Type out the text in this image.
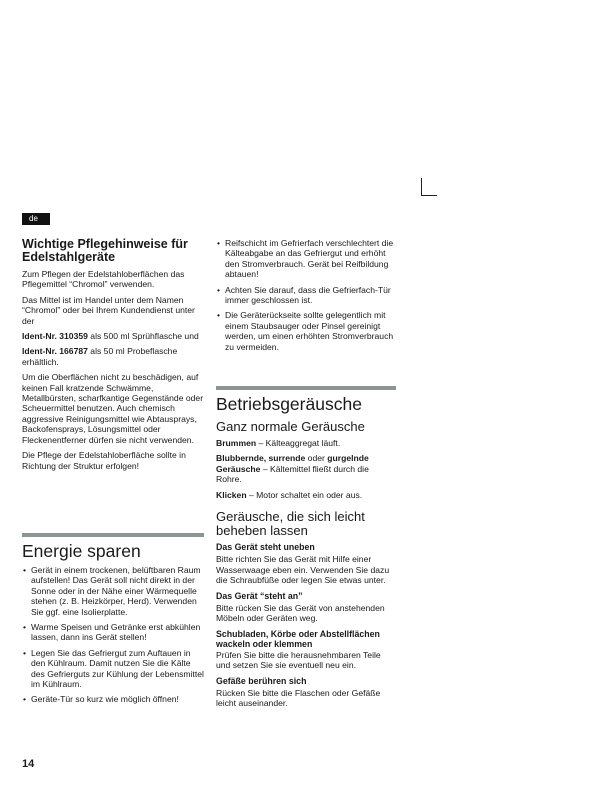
de
Wichtige Pflegehinweise für Edelstahlgeräte
Zum Pflegen der Edelstahloberflächen das Pflegemittel “Chromol” verwenden.
Das Mittel ist im Handel unter dem Namen “Chromol” oder bei Ihrem Kundendienst unter der
Ident-Nr. 310359 als 500 ml Sprühflasche und
Ident-Nr. 166787 als 50 ml Probeflasche erhältlich.
Um die Oberflächen nicht zu beschädigen, auf keinen Fall kratzende Schwämme, Metallbürsten, scharfkantige Gegenstände oder Scheuermittel benutzen. Auch chemisch aggressive Reinigungsmittel wie Abtausprays, Backofensprays, Lösungsmittel oder Fleckenentferner dürfen sie nicht verwenden.
Die Pflege der Edelstahloberfläche sollte in Richtung der Struktur erfolgen!
Energie sparen
• Gerät in einem trockenen, belüftbaren Raum aufstellen! Das Gerät soll nicht direkt in der Sonne oder in der Nähe einer Wärmequelle stehen (z. B. Heizkörper, Herd). Verwenden Sie ggf. eine Isolierplatte.
• Warme Speisen und Getränke erst abkühlen lassen, dann ins Gerät stellen!
• Legen Sie das Gefriergut zum Auftauen in den Kühlraum. Damit nutzen Sie die Kälte des Gefrierguts zur Kühlung der Lebensmittel im Kühlraum.
• Geräte-Tür so kurz wie möglich öffnen!
• Reifschicht im Gefrierfach verschlechtert die Kälteabgabe an das Gefriergut und erhöht den Stromverbrauch. Gerät bei Reifbildung abtauen!
• Achten Sie darauf, dass die Gefrierfach-Tür immer geschlossen ist.
• Die Geräterückseite sollte gelegentlich mit einem Staubsauger oder Pinsel gereinigt werden, um einen erhöhten Stromverbrauch zu vermeiden.
Betriebsgeräusche
Ganz normale Geräusche
Brummen – Kälteaggregat läuft.
Blubbernde, surrende oder gurgelnde Geräusche – Kältemittel fließt durch die Rohre.
Klicken – Motor schaltet ein oder aus.
Geräusche, die sich leicht beheben lassen
Das Gerät steht uneben
Bitte richten Sie das Gerät mit Hilfe einer Wasserwaage eben ein. Verwenden Sie dazu die Schraubfüße oder legen Sie etwas unter.
Das Gerät “steht an”
Bitte rücken Sie das Gerät von anstehenden Möbeln oder Geräten weg.
Schubladen, Körbe oder Abstellflächen wackeln oder klemmen
Prüfen Sie bitte die herausnehmbaren Teile und setzen Sie sie eventuell neu ein.
Gefäße berühren sich
Rücken Sie bitte die Flaschen oder Gefäße leicht auseinander.
14
